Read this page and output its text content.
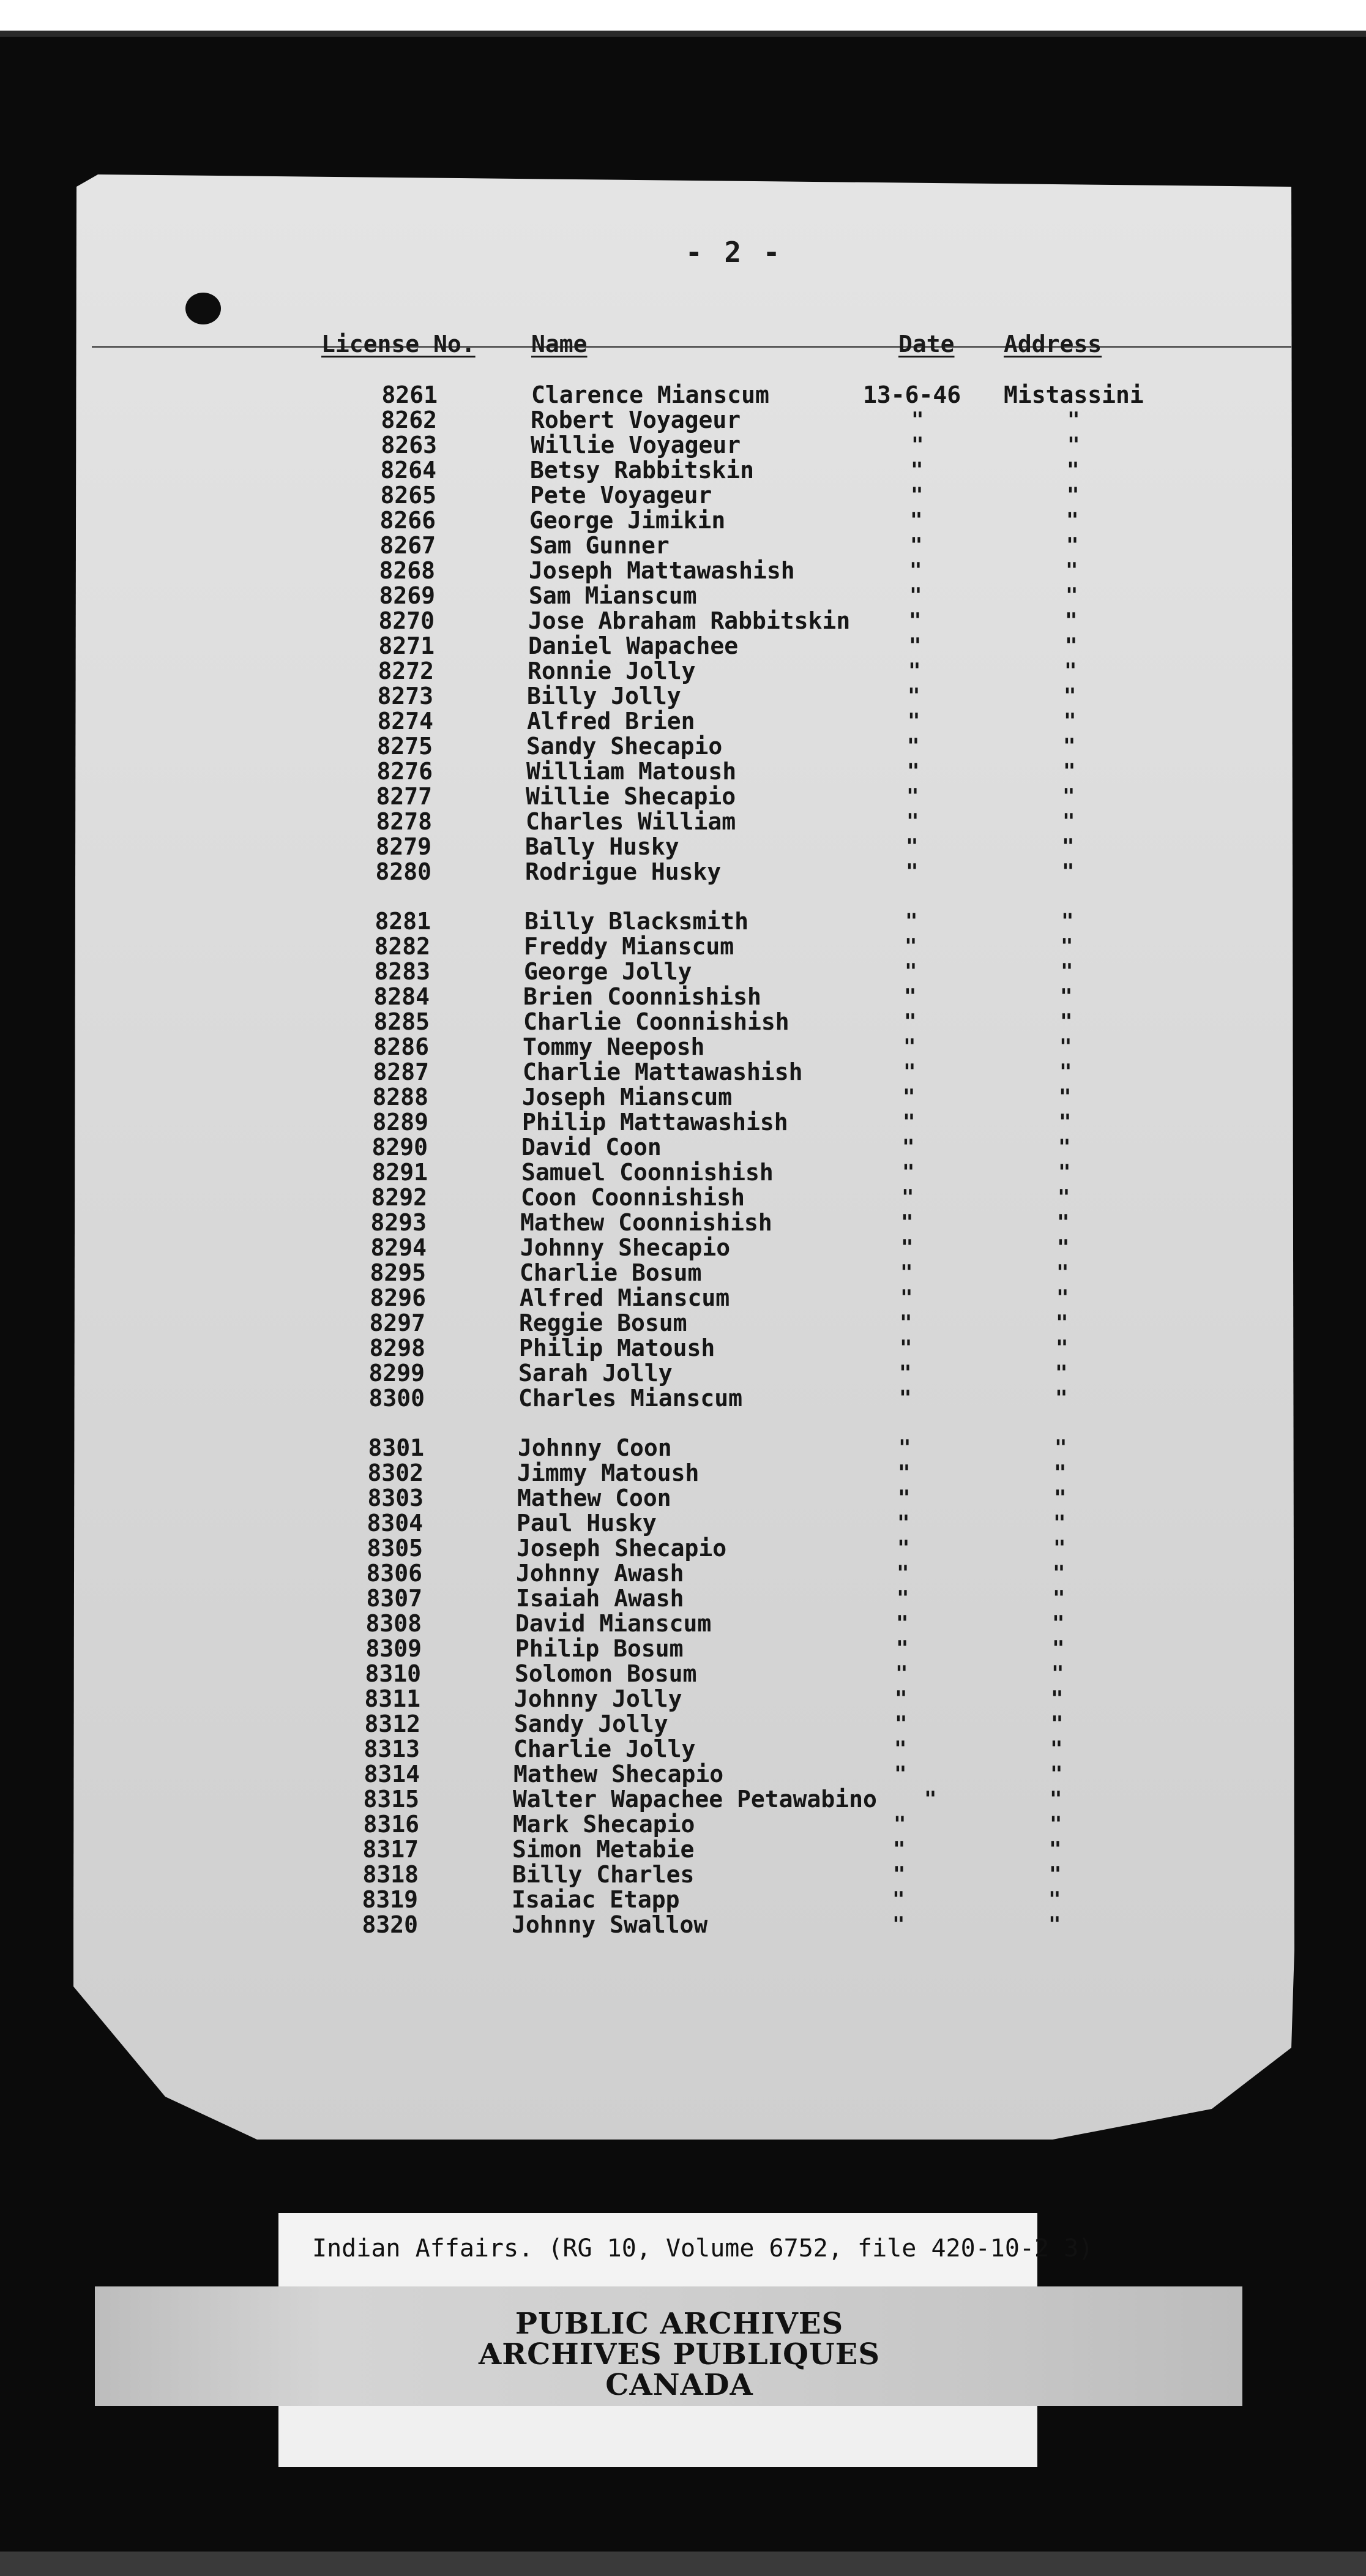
- 2 -
License No. Name	Date Address
8261	Clarence Mianscum	13-6-46 Mistassini
8262	Robert Voyageur	"	"
8263	Willie Voyageur	"	"
8264	Betsy Rabbitskin	"	"
8265	Pete Voyageur	"	"
8266	George Jimikin	"	"
8267	Sam Gunner	"	"
8268	Joseph Mattawashish	"	"
8269	Sam Mianscum	"	"
8270	Jose Abraham Rabbitskin	"	"
8271	Daniel Wapachee	"	"
8272	Ronnie Jolly	"	"
8273	Billy Jolly	"	"
8274	Alfred Brien	"	"
8275	Sandy Shecapio	"	"
8276	William Matoush	"	"
8277	Willie Shecapio	"	"
8278	Charles William	"	"
8279	Bally Husky	"	"
8280	Rodrigue Husky	"	"
8281	Billy Blacksmith	"	"
8282	Freddy Mianscum	"	"
8283	George Jolly	"	"
8284	Brien Coonnishish	"	"
8285	Charlie Coonnishish	"	"
8286	Tommy Neeposh	"	"
8287	Charlie Mattawashish	"	"
8288	Joseph Mianscum	"	"
8289	Philip Mattawashish	"	"
8290	David Coon	"	"
8291	Samuel Coonnishish	"	"
8292	Coon Coonnishish	"	"
8293	Mathew Coonnishish	"	"
8294	Johnny Shecapio	"	"
8295	Charlie Bosum	"	"
8296	Alfred Mianscum	"	"
8297	Reggie Bosum	"	"
8298	Philip Matoush	"	"
8299	Sarah Jolly	"	"
8300	Charles Mianscum	"	"
8301	Johnny Coon	"	"
8302	Jimmy Matoush	"	"
8303	Mathew Coon	"	"
8304	Paul Husky	"	"
8305	Joseph Shecapio	"	"
8306	Johnny Awash	"	"
8307	Isaiah Awash	"	"
8308	David Mianscum	"	"
8309	Philip Bosum	"	"
8310	Solomon Bosum	"	"
8311	Johnny Jolly	"	"
8312	Sandy Jolly	"	"
8313	Charlie Jolly	"	"
8314	Mathew Shecapio	"	"
8315	Walter Wapachee Petawabino "	"
8316	Mark Shecapio	"	"
8317	Simon Metabie	"	"
8318	Billy Charles	"	"
8319	Isaiac Etapp	"	"
8320	Johnny Swallow	"	"
Indian Affairs. (RG 10, Volume 6752, file 420-10-2 3)
PUBLIC ARCHIVES
ARCHIVES PUBLIQUES
CANADA
